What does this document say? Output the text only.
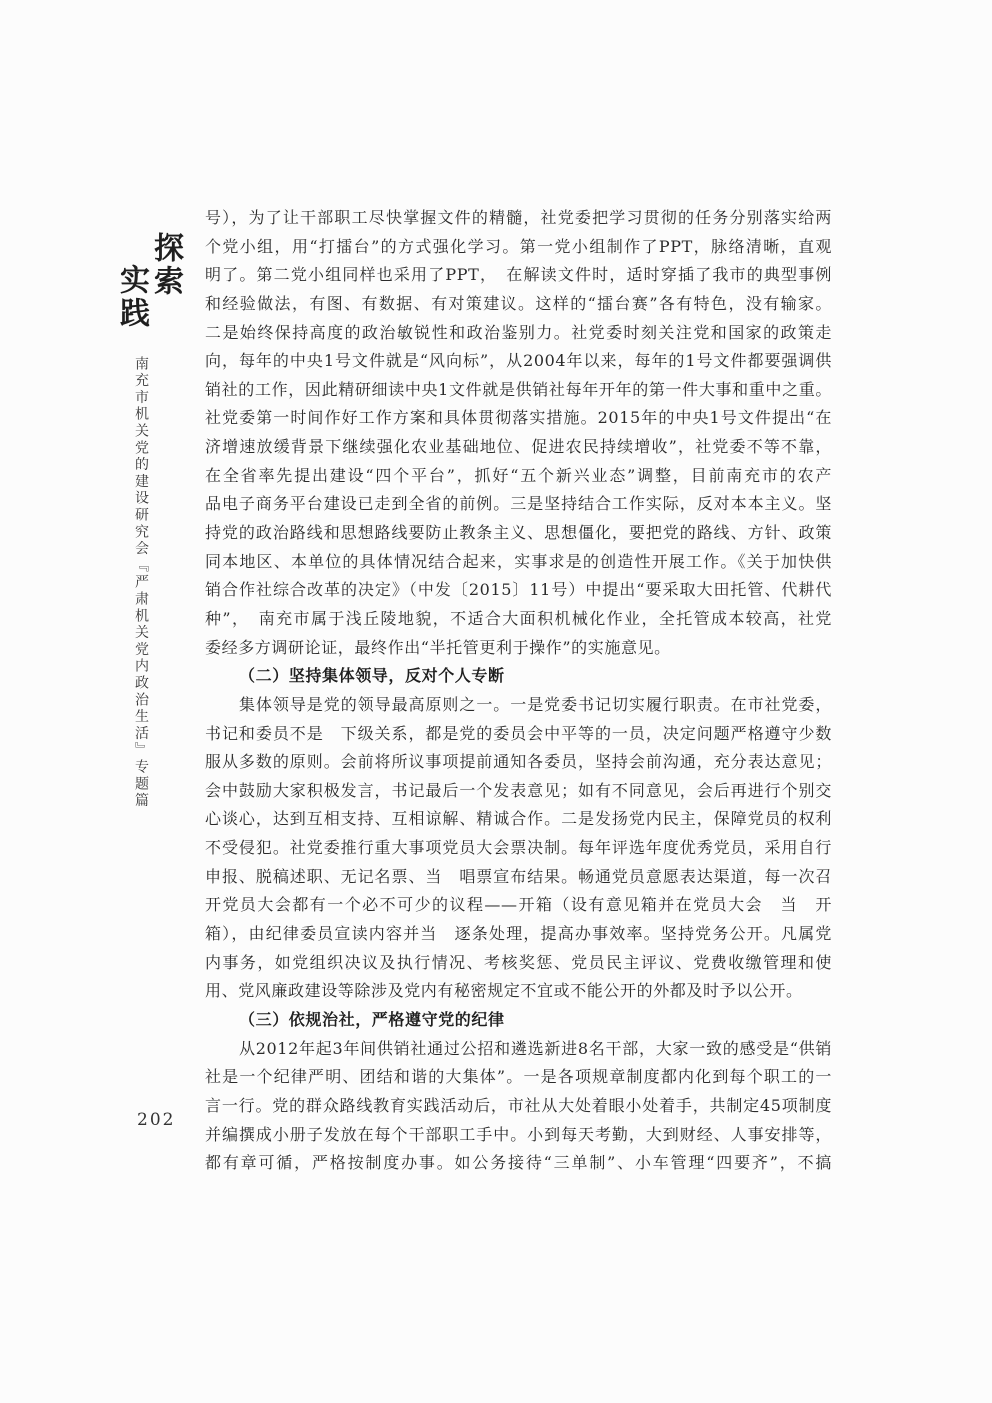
探索
实践
南充市机关党的建设研究会『严肃机关党内政治生活』专题篇
202
号），为了让干部职工尽快掌握文件的精髓，社党委把学习贯彻的任务分别落实给两
个党小组，用“打擂台”的方式强化学习。第一党小组制作了PPT，脉络清晰，直观
明了。第二党小组同样也采用了PPT，　在解读文件时，适时穿插了我市的典型事例
和经验做法，有图、有数据、有对策建议。这样的“擂台赛”各有特色，没有输家。
二是始终保持高度的政治敏锐性和政治鉴别力。社党委时刻关注党和国家的政策走
向，每年的中央1号文件就是“风向标”，从2004年以来，每年的1号文件都要强调供
销社的工作，因此精研细读中央1文件就是供销社每年开年的第一件大事和重中之重。
社党委第一时间作好工作方案和具体贯彻落实措施。2015年的中央1号文件提出“在
济增速放缓背景下继续强化农业基础地位、促进农民持续增收”，社党委不等不靠，
在全省率先提出建设“四个平台”，抓好“五个新兴业态”调整，目前南充市的农产
品电子商务平台建设已走到全省的前例。三是坚持结合工作实际，反对本本主义。坚
持党的政治路线和思想路线要防止教条主义、思想僵化，要把党的路线、方针、政策
同本地区、本单位的具体情况结合起来，实事求是的创造性开展工作。《关于加快供
销合作社综合改革的决定》（中发〔2015〕11号）中提出“要采取大田托管、代耕代
种”，　南充市属于浅丘陵地貌，不适合大面积机械化作业，全托管成本较高，社党
委经多方调研论证，最终作出“半托管更利于操作”的实施意见。
（二）坚持集体领导，反对个人专断
集体领导是党的领导最高原则之一。一是党委书记切实履行职责。在市社党委，
书记和委员不是　下级关系，都是党的委员会中平等的一员，决定问题严格遵守少数
服从多数的原则。会前将所议事项提前通知各委员，坚持会前沟通，充分表达意见；
会中鼓励大家积极发言，书记最后一个发表意见；如有不同意见，会后再进行个别交
心谈心，达到互相支持、互相谅解、精诚合作。二是发扬党内民主，保障党员的权利
不受侵犯。社党委推行重大事项党员大会票决制。每年评选年度优秀党员，采用自行
申报、脱稿述职、无记名票、当　唱票宣布结果。畅通党员意愿表达渠道，每一次召
开党员大会都有一个必不可少的议程——开箱（设有意见箱并在党员大会　当　开
箱），由纪律委员宣读内容并当　逐条处理，提高办事效率。坚持党务公开。凡属党
内事务，如党组织决议及执行情况、考核奖惩、党员民主评议、党费收缴管理和使
用、党风廉政建设等除涉及党内有秘密规定不宜或不能公开的外都及时予以公开。
（三）依规治社，严格遵守党的纪律
从2012年起3年间供销社通过公招和遴选新进8名干部，大家一致的感受是“供销
社是一个纪律严明、团结和谐的大集体”。一是各项规章制度都内化到每个职工的一
言一行。党的群众路线教育实践活动后，市社从大处着眼小处着手，共制定45项制度
并编撰成小册子发放在每个干部职工手中。小到每天考勤，大到财经、人事安排等，
都有章可循，严格按制度办事。如公务接待“三单制”、小车管理“四要齐”，不搞
